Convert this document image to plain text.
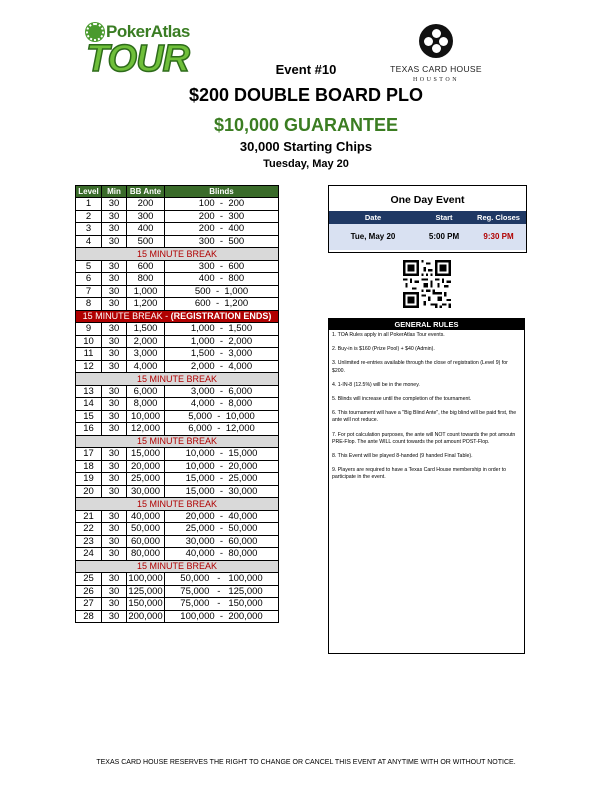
PokerAtlas
TOUR	TEXAS CARD HOUSE
HOUSTON
Event #10
$200 DOUBLE BOARD PLO
$10,000 GUARANTEE
30,000 Starting Chips
Tuesday, May 20
Level	Min	BB Ante	Blinds
1	30	200	100  -  200
2	30	300	200  -  300
3	30	400	200  -  400
4	30	500	300  -  500
15 MINUTE BREAK			
5	30	600	300  -  600
6	30	800	400  -  800
7	30	1,000	500  -  1,000
8	30	1,200	600  -  1,200
15 MINUTE BREAK - (REGISTRATION ENDS)			
9	30	1,500	1,000  -  1,500
10	30	2,000	1,000  -  2,000
11	30	3,000	1,500  -  3,000
12	30	4,000	2,000  -  4,000
15 MINUTE BREAK			
13	30	6,000	3,000  -  6,000
14	30	8,000	4,000  -  8,000
15	30	10,000	5,000  -  10,000
16	30	12,000	6,000  -  12,000
15 MINUTE BREAK			
17	30	15,000	10,000  -  15,000
18	30	20,000	10,000  -  20,000
19	30	25,000	15,000  -  25,000
20	30	30,000	15,000  -  30,000
15 MINUTE BREAK			
21	30	40,000	20,000  -  40,000
22	30	50,000	25,000  -  50,000
23	30	60,000	30,000  -  60,000
24	30	80,000	40,000  -  80,000
15 MINUTE BREAK			
25	30	100,000	50,000   -   100,000
26	30	125,000	75,000   -   125,000
27	30	150,000	75,000   -   150,000
28	30	200,000	100,000  -  200,000
One Day Event
Date	Start	Reg. Closes
Tue, May 20	5:00 PM	9:30 PM
GENERAL RULES
1. TOA Rules apply in all PokerAtlas Tour events.
2. Buy-in is $160 (Prize Pool) + $40 (Admin).
3. Unlimited re-entries available through the close of registration (Level 9) for $200.
4. 1-IN-8 (12.5%) will be in the money.
5. Blinds will increase until the completion of the tournament.
6. This tournament will have a "Big Blind Ante", the big blind will be paid first, the ante will not reduce.
7. For pot calculation purposes, the ante will NOT count towards the pot amoutn PRE-Flop. The ante WILL count towards the pot amount POST-Flop.
8. This Event will be played 8-handed (9 handed Final Table).
9. Players are required to have a Texas Card House membership in order to participate in the event.
TEXAS CARD HOUSE RESERVES THE RIGHT TO CHANGE OR CANCEL THIS EVENT AT ANYTIME WITH OR WITHOUT NOTICE.
